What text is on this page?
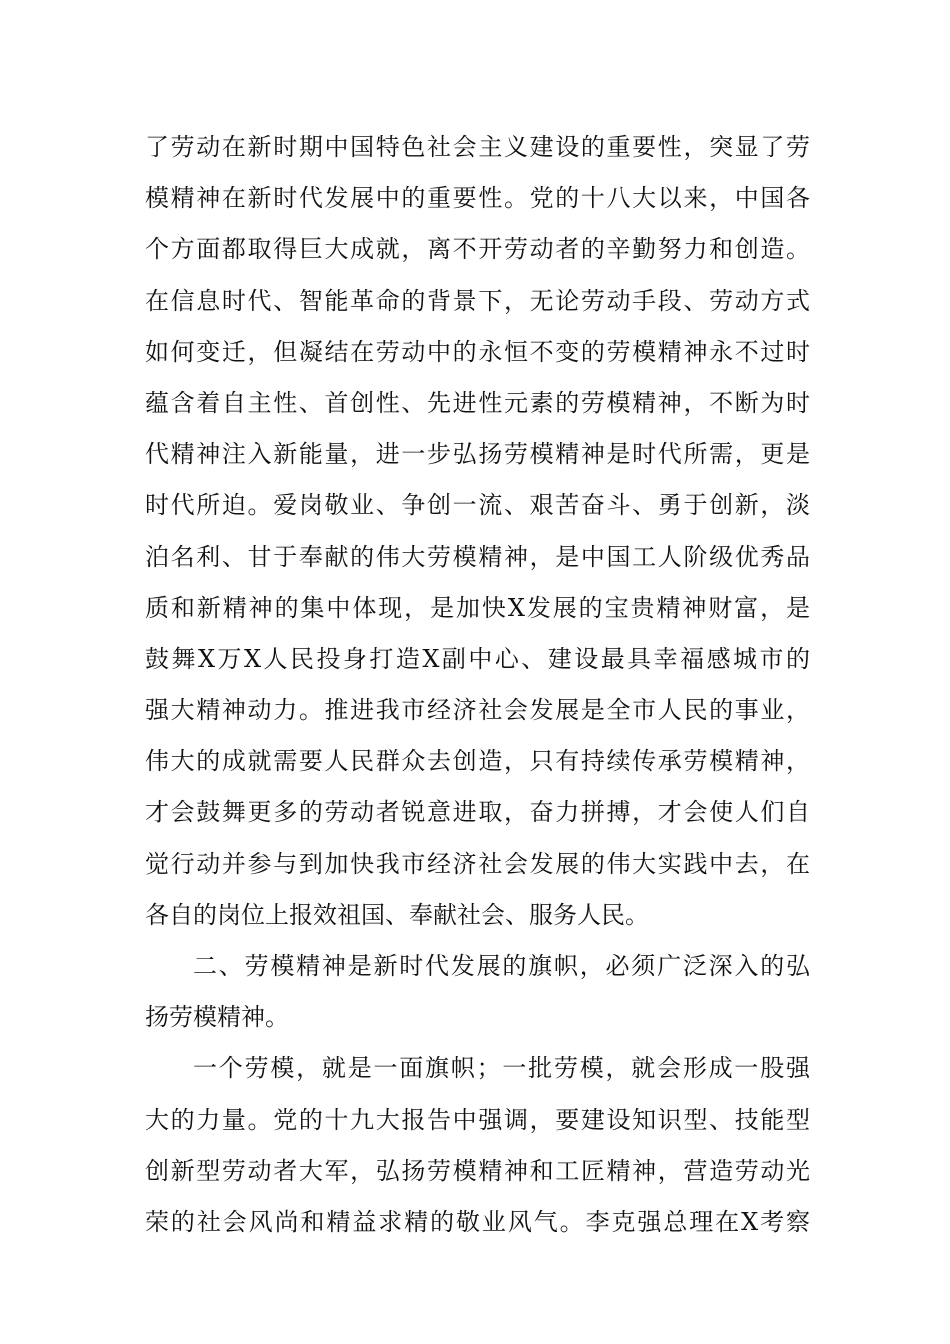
了劳动在新时期中国特色社会主义建设的重要性，突显了劳
模精神在新时代发展中的重要性。党的十八大以来，中国各
个方面都取得巨大成就，离不开劳动者的辛勤努力和创造。
在信息时代、智能革命的背景下，无论劳动手段、劳动方式
如何变迁，但凝结在劳动中的永恒不变的劳模精神永不过时
蕴含着自主性、首创性、先进性元素的劳模精神，不断为时
代精神注入新能量，进一步弘扬劳模精神是时代所需，更是
时代所迫。爱岗敬业、争创一流、艰苦奋斗、勇于创新，淡
泊名利、甘于奉献的伟大劳模精神，是中国工人阶级优秀品
质和新精神的集中体现，是加快X发展的宝贵精神财富，是
鼓舞X万X人民投身打造X副中心、建设最具幸福感城市的
强大精神动力。推进我市经济社会发展是全市人民的事业，
伟大的成就需要人民群众去创造，只有持续传承劳模精神，
才会鼓舞更多的劳动者锐意进取，奋力拼搏，才会使人们自
觉行动并参与到加快我市经济社会发展的伟大实践中去，在
各自的岗位上报效祖国、奉献社会、服务人民。
二、劳模精神是新时代发展的旗帜，必须广泛深入的弘
扬劳模精神。
一个劳模，就是一面旗帜；一批劳模，就会形成一股强
大的力量。党的十九大报告中强调，要建设知识型、技能型
创新型劳动者大军，弘扬劳模精神和工匠精神，营造劳动光
荣的社会风尚和精益求精的敬业风气。李克强总理在X考察
